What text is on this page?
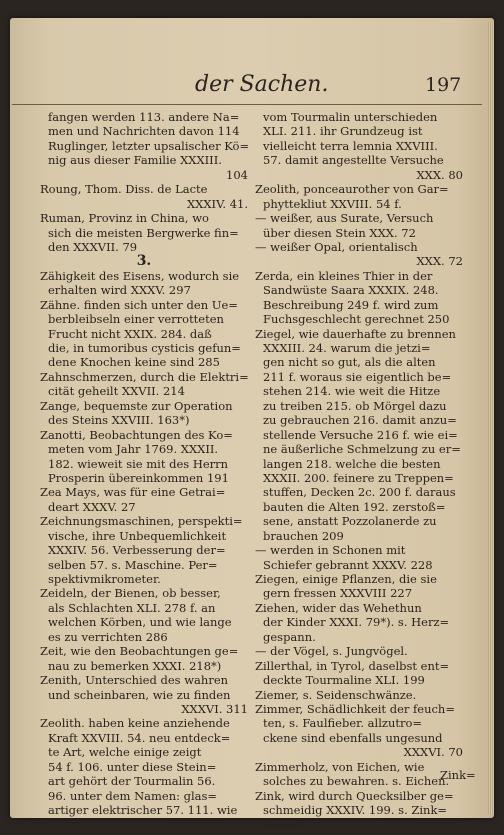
der Sachen.	197
fangen werden 113. andere Na=
men und Nachrichten davon 114
Ruglinger, letzter upsalischer Kö=
nig aus dieser Familie XXXIII.
104
Roung, Thom. Diss. de Lacte
XXXIV. 41.
Ruman, Provinz in China, wo
sich die meisten Bergwerke fin=
den XXXVII. 79
3.
Zähigkeit des Eisens, wodurch sie
erhalten wird XXXV. 297
Zähne. finden sich unter den Ue=
berbleibseln einer verrotteten
Frucht nicht XXIX. 284. daß
die, in tumoribus cysticis gefun=
dene Knochen keine sind 285
Zahnschmerzen, durch die Elektri=
cität geheilt XXVII. 214
Zange, bequemste zur Operation
des Steins XXVIII. 163*)
Zanotti, Beobachtungen des Ko=
meten vom Jahr 1769. XXXII.
182. wieweit sie mit des Herrn
Prosperin übereinkommen 191
Zea Mays, was für eine Getrai=
deart XXXV. 27
Zeichnungsmaschinen, perspekti=
vische, ihre Unbequemlichkeit
XXXIV. 56. Verbesserung der=
selben 57. s. Maschine. Per=
spektivmikrometer.
Zeideln, der Bienen, ob besser,
als Schlachten XLI. 278 f. an
welchen Körben, und wie lange
es zu verrichten 286
Zeit, wie den Beobachtungen ge=
nau zu bemerken XXXI. 218*)
Zenith, Unterschied des wahren
und scheinbaren, wie zu finden
XXXVI. 311
Zeolith. haben keine anziehende
Kraft XXVIII. 54. neu entdeck=
te Art, welche einige zeigt
54 f. 106. unter diese Stein=
art gehört der Tourmalin 56.
96. unter dem Namen: glas=
artiger elektrischer 57. 111. wie
vom Tourmalin unterschieden
XLI. 211. ihr Grundzeug ist
vielleicht terra lemnia XXVIII.
57. damit angestellte Versuche
XXX. 80
Zeolith, ponceaurother von Gar=
phyttekliut XXVIII. 54 f.
— weißer, aus Surate, Versuch
über diesen Stein XXX. 72
— weißer Opal, orientalisch
XXX. 72
Zerda, ein kleines Thier in der
Sandwüste Saara XXXIX. 248.
Beschreibung 249 f. wird zum
Fuchsgeschlecht gerechnet 250
Ziegel, wie dauerhafte zu brennen
XXXIII. 24. warum die jetzi=
gen nicht so gut, als die alten
211 f. woraus sie eigentlich be=
stehen 214. wie weit die Hitze
zu treiben 215. ob Mörgel dazu
zu gebrauchen 216. damit anzu=
stellende Versuche 216 f. wie ei=
ne äußerliche Schmelzung zu er=
langen 218. welche die besten
XXXII. 200. feinere zu Treppen=
stuffen, Decken 2c. 200 f. daraus
bauten die Alten 192. zerstoß=
sene, anstatt Pozzolanerde zu
brauchen 209
— werden in Schonen mit
Schiefer gebrannt XXXV. 228
Ziegen, einige Pflanzen, die sie
gern fressen XXXVIII 227
Ziehen, wider das Wehethun
der Kinder XXXI. 79*). s. Herz=
gespann.
— der Vögel, s. Jungvögel.
Zillerthal, in Tyrol, daselbst ent=
deckte Tourmaline XLI. 199
Ziemer, s. Seidenschwänze.
Zimmer, Schädlichkeit der feuch=
ten, s. Faulfieber. allzutro=
ckene sind ebenfalls ungesund
XXXVI. 70
Zimmerholz, von Eichen, wie
solches zu bewahren. s. Eichen.
Zink, wird durch Quecksilber ge=
schmeidig XXXIV. 199. s. Zink=
blumen.
Zink=
